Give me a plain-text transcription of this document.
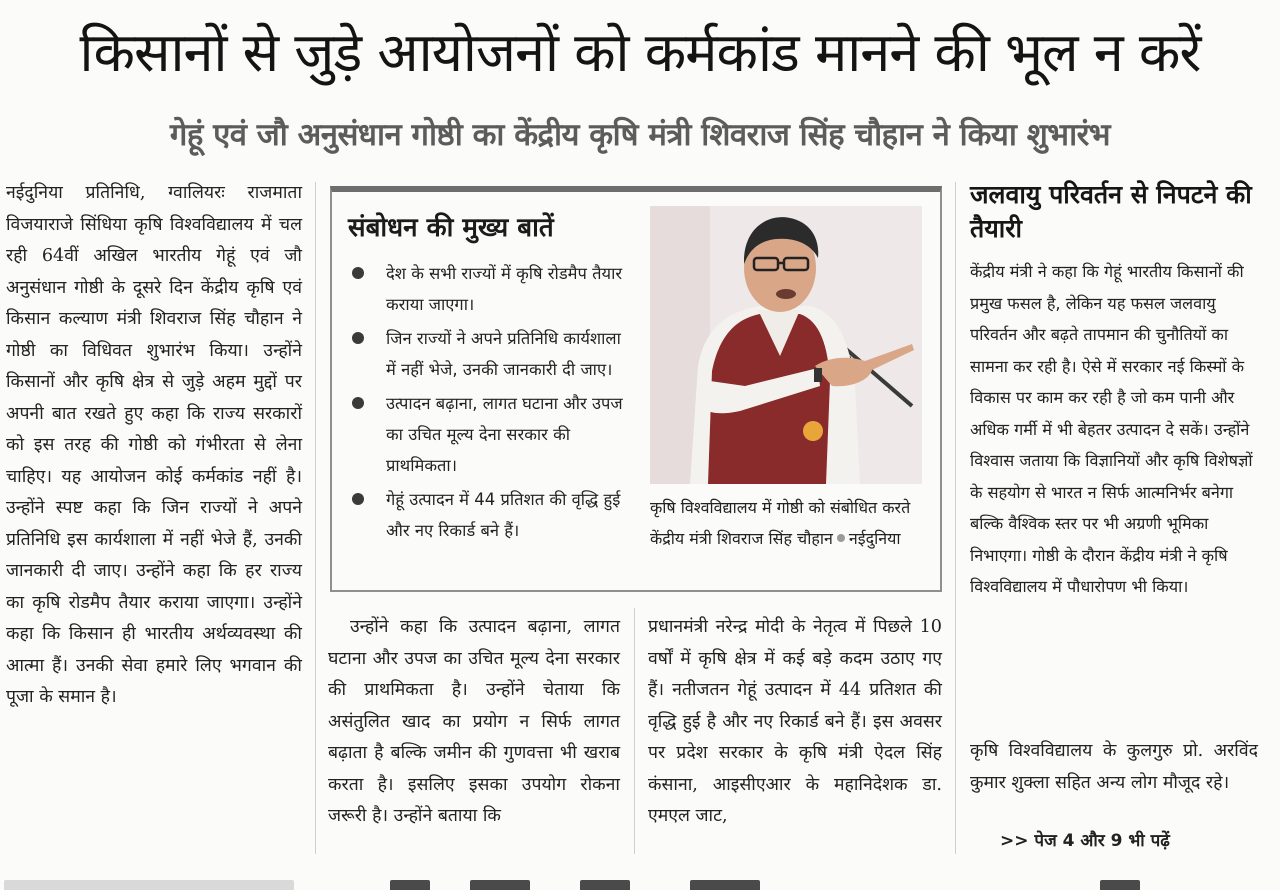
किसानों से जुड़े आयोजनों को कर्मकांड मानने की भूल न करें
गेहूं एवं जौ अनुसंधान गोष्ठी का केंद्रीय कृषि मंत्री शिवराज सिंह चौहान ने किया शुभारंभ

नईदुनिया प्रतिनिधि, ग्वालियरः राजमाता विजयाराजे सिंधिया कृषि विश्वविद्यालय में चल रही 64वीं अखिल भारतीय गेहूं एवं जौ अनुसंधान गोष्ठी के दूसरे दिन केंद्रीय कृषि एवं किसान कल्याण मंत्री शिवराज सिंह चौहान ने गोष्ठी का विधिवत शुभारंभ किया। उन्होंने किसानों और कृषि क्षेत्र से जुड़े अहम मुद्दों पर अपनी बात रखते हुए कहा कि राज्य सरकारों को इस तरह की गोष्ठी को गंभीरता से लेना चाहिए। यह आयोजन कोई कर्मकांड नहीं है। उन्होंने स्पष्ट कहा कि जिन राज्यों ने अपने प्रतिनिधि इस कार्यशाला में नहीं भेजे हैं, उनकी जानकारी दी जाए। उन्होंने कहा कि हर राज्य का कृषि रोडमैप तैयार कराया जाएगा। उन्होंने कहा कि किसान ही भारतीय अर्थव्यवस्था की आत्मा हैं। उनकी सेवा हमारे लिए भगवान की पूजा के समान है।

संबोधन की मुख्य बातें
देश के सभी राज्यों में कृषि रोडमैप तैयार कराया जाएगा।
जिन राज्यों ने अपने प्रतिनिधि कार्यशाला में नहीं भेजे, उनकी जानकारी दी जाए।
उत्पादन बढ़ाना, लागत घटाना और उपज का उचित मूल्य देना सरकार की प्राथमिकता।
गेहूं उत्पादन में 44 प्रतिशत की वृद्धि हुई और नए रिकार्ड बने हैं।
कृषि विश्वविद्यालय में गोष्ठी को संबोधित करते केंद्रीय मंत्री शिवराज सिंह चौहान नईदुनिया

उन्होंने कहा कि उत्पादन बढ़ाना, लागत घटाना और उपज का उचित मूल्य देना सरकार की प्राथमिकता है। उन्होंने चेताया कि असंतुलित खाद का प्रयोग न सिर्फ लागत बढ़ाता है बल्कि जमीन की गुणवत्ता भी खराब करता है। इसलिए इसका उपयोग रोकना जरूरी है। उन्होंने बताया कि

प्रधानमंत्री नरेन्द्र मोदी के नेतृत्व में पिछले 10 वर्षों में कृषि क्षेत्र में कई बड़े कदम उठाए गए हैं। नतीजतन गेहूं उत्पादन में 44 प्रतिशत की वृद्धि हुई है और नए रिकार्ड बने हैं। इस अवसर पर प्रदेश सरकार के कृषि मंत्री ऐदल सिंह कंसाना, आइसीएआर के महानिदेशक डा. एमएल जाट,

जलवायु परिवर्तन से निपटने की तैयारी
केंद्रीय मंत्री ने कहा कि गेहूं भारतीय किसानों की प्रमुख फसल है, लेकिन यह फसल जलवायु परिवर्तन और बढ़ते तापमान की चुनौतियों का सामना कर रही है। ऐसे में सरकार नई किस्मों के विकास पर काम कर रही है जो कम पानी और अधिक गर्मी में भी बेहतर उत्पादन दे सकें। उन्होंने विश्वास जताया कि विज्ञानियों और कृषि विशेषज्ञों के सहयोग से भारत न सिर्फ आत्मनिर्भर बनेगा बल्कि वैश्विक स्तर पर भी अग्रणी भूमिका निभाएगा। गोष्ठी के दौरान केंद्रीय मंत्री ने कृषि विश्वविद्यालय में पौधारोपण भी किया।

कृषि विश्वविद्यालय के कुलगुरु प्रो. अरविंद कुमार शुक्ला सहित अन्य लोग मौजूद रहे।

>> पेज 4 और 9 भी पढ़ें
